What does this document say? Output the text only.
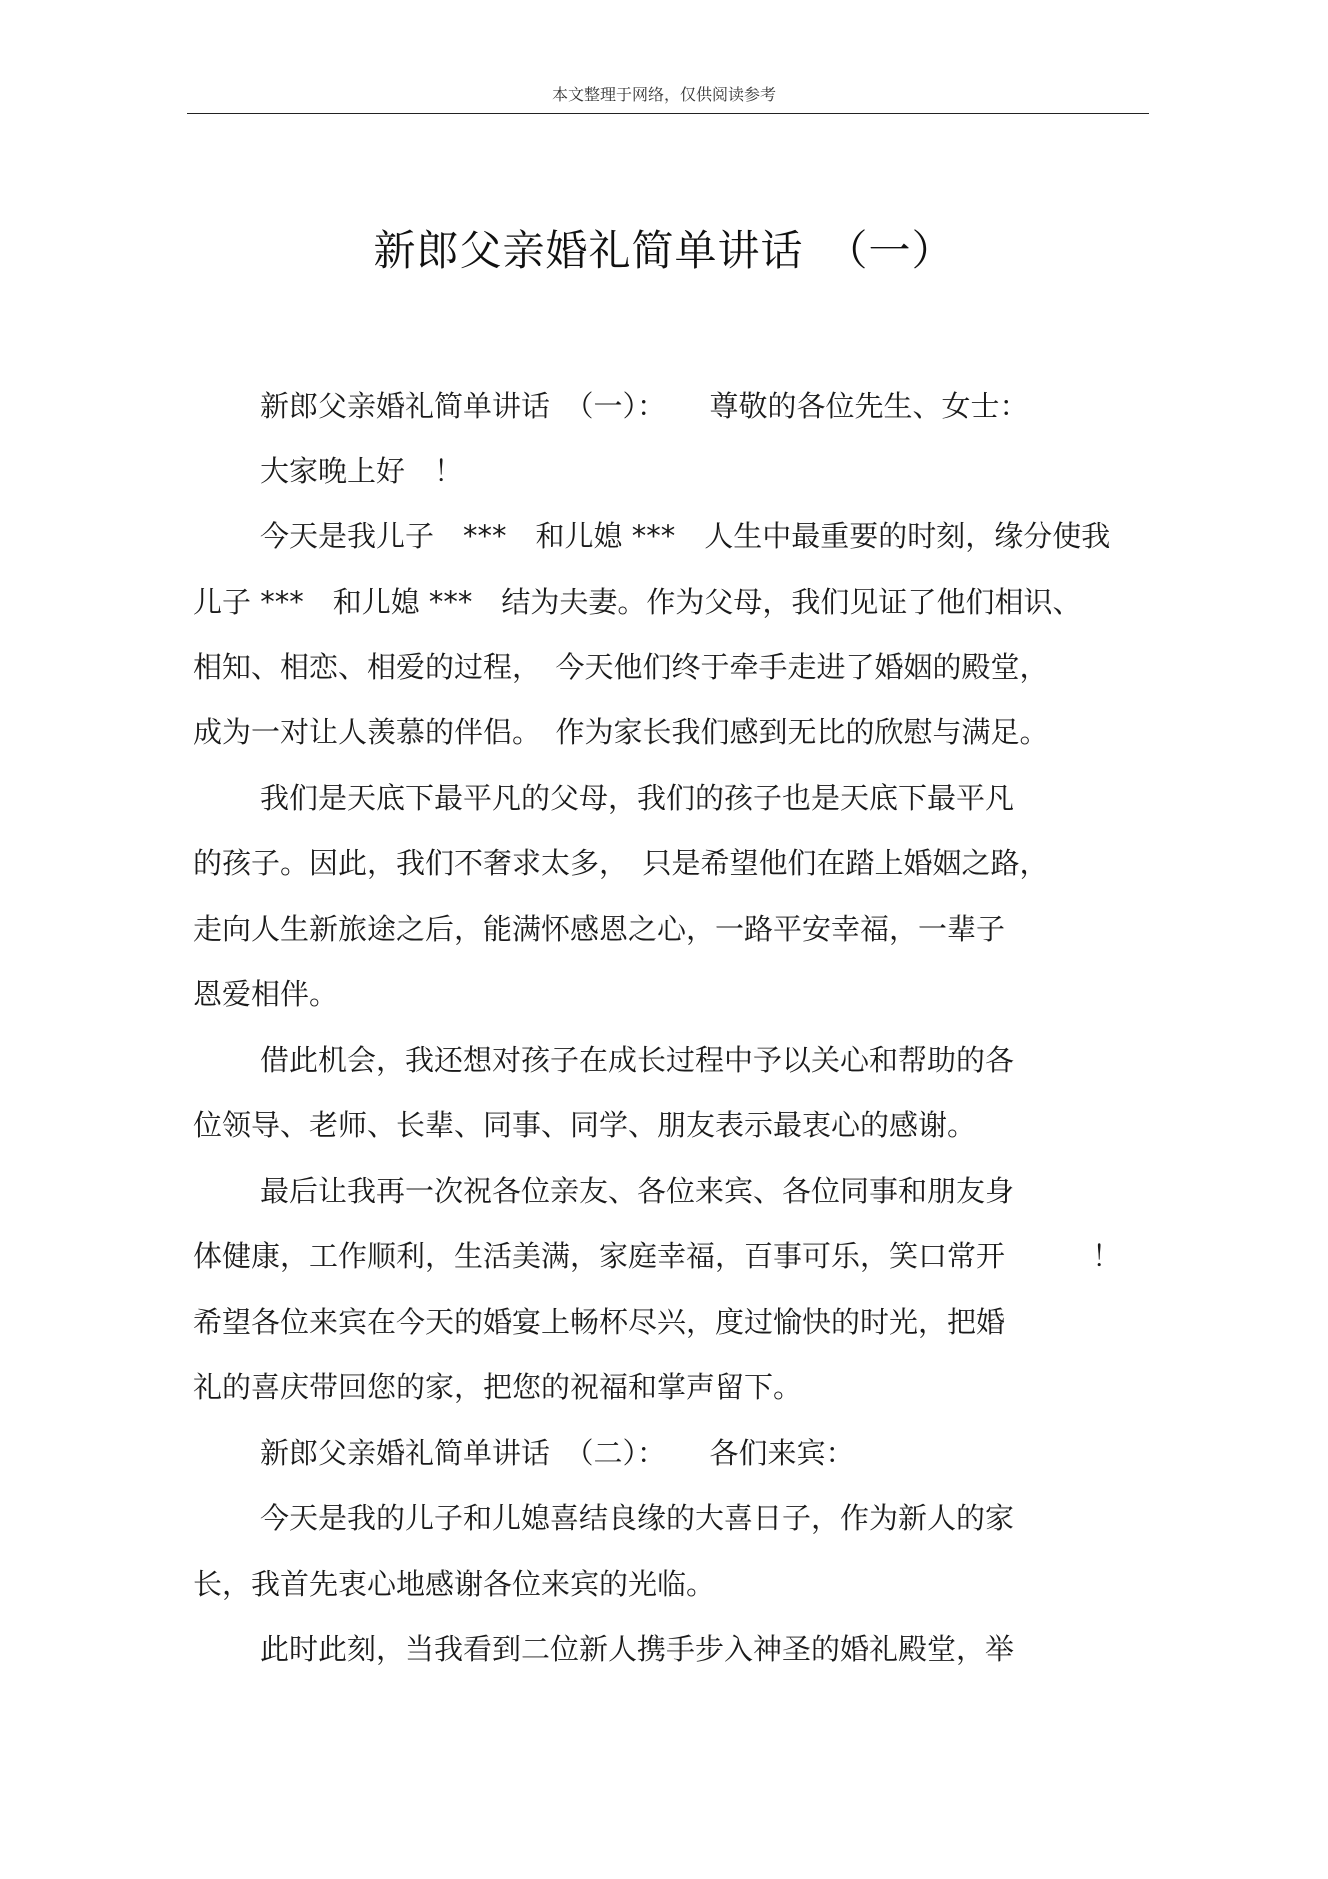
本文整理于网络，仅供阅读参考
新郎父亲婚礼简单讲话　（一）
新郎父亲婚礼简单讲话　（一）：　　尊敬的各位先生、女士：
大家晚上好　！
今天是我儿子　***　和儿媳 ***　人生中最重要的时刻，缘分使我
儿子 ***　和儿媳 ***　结为夫妻。作为父母，我们见证了他们相识、
相知、相恋、相爱的过程，　今天他们终于牵手走进了婚姻的殿堂，
成为一对让人羡慕的伴侣。　作为家长我们感到无比的欣慰与满足。
我们是天底下最平凡的父母，我们的孩子也是天底下最平凡
的孩子。因此，我们不奢求太多，　只是希望他们在踏上婚姻之路，
走向人生新旅途之后，能满怀感恩之心，一路平安幸福，一辈子
恩爱相伴。
借此机会，我还想对孩子在成长过程中予以关心和帮助的各
位领导、老师、长辈、同事、同学、朋友表示最衷心的感谢。
最后让我再一次祝各位亲友、各位来宾、各位同事和朋友身
体健康，工作顺利，生活美满，家庭幸福，百事可乐，笑口常开　　　！
希望各位来宾在今天的婚宴上畅杯尽兴，度过愉快的时光，把婚
礼的喜庆带回您的家，把您的祝福和掌声留下。
新郎父亲婚礼简单讲话　（二）：　　各们来宾：
今天是我的儿子和儿媳喜结良缘的大喜日子，作为新人的家
长，我首先衷心地感谢各位来宾的光临。
此时此刻，当我看到二位新人携手步入神圣的婚礼殿堂，举
